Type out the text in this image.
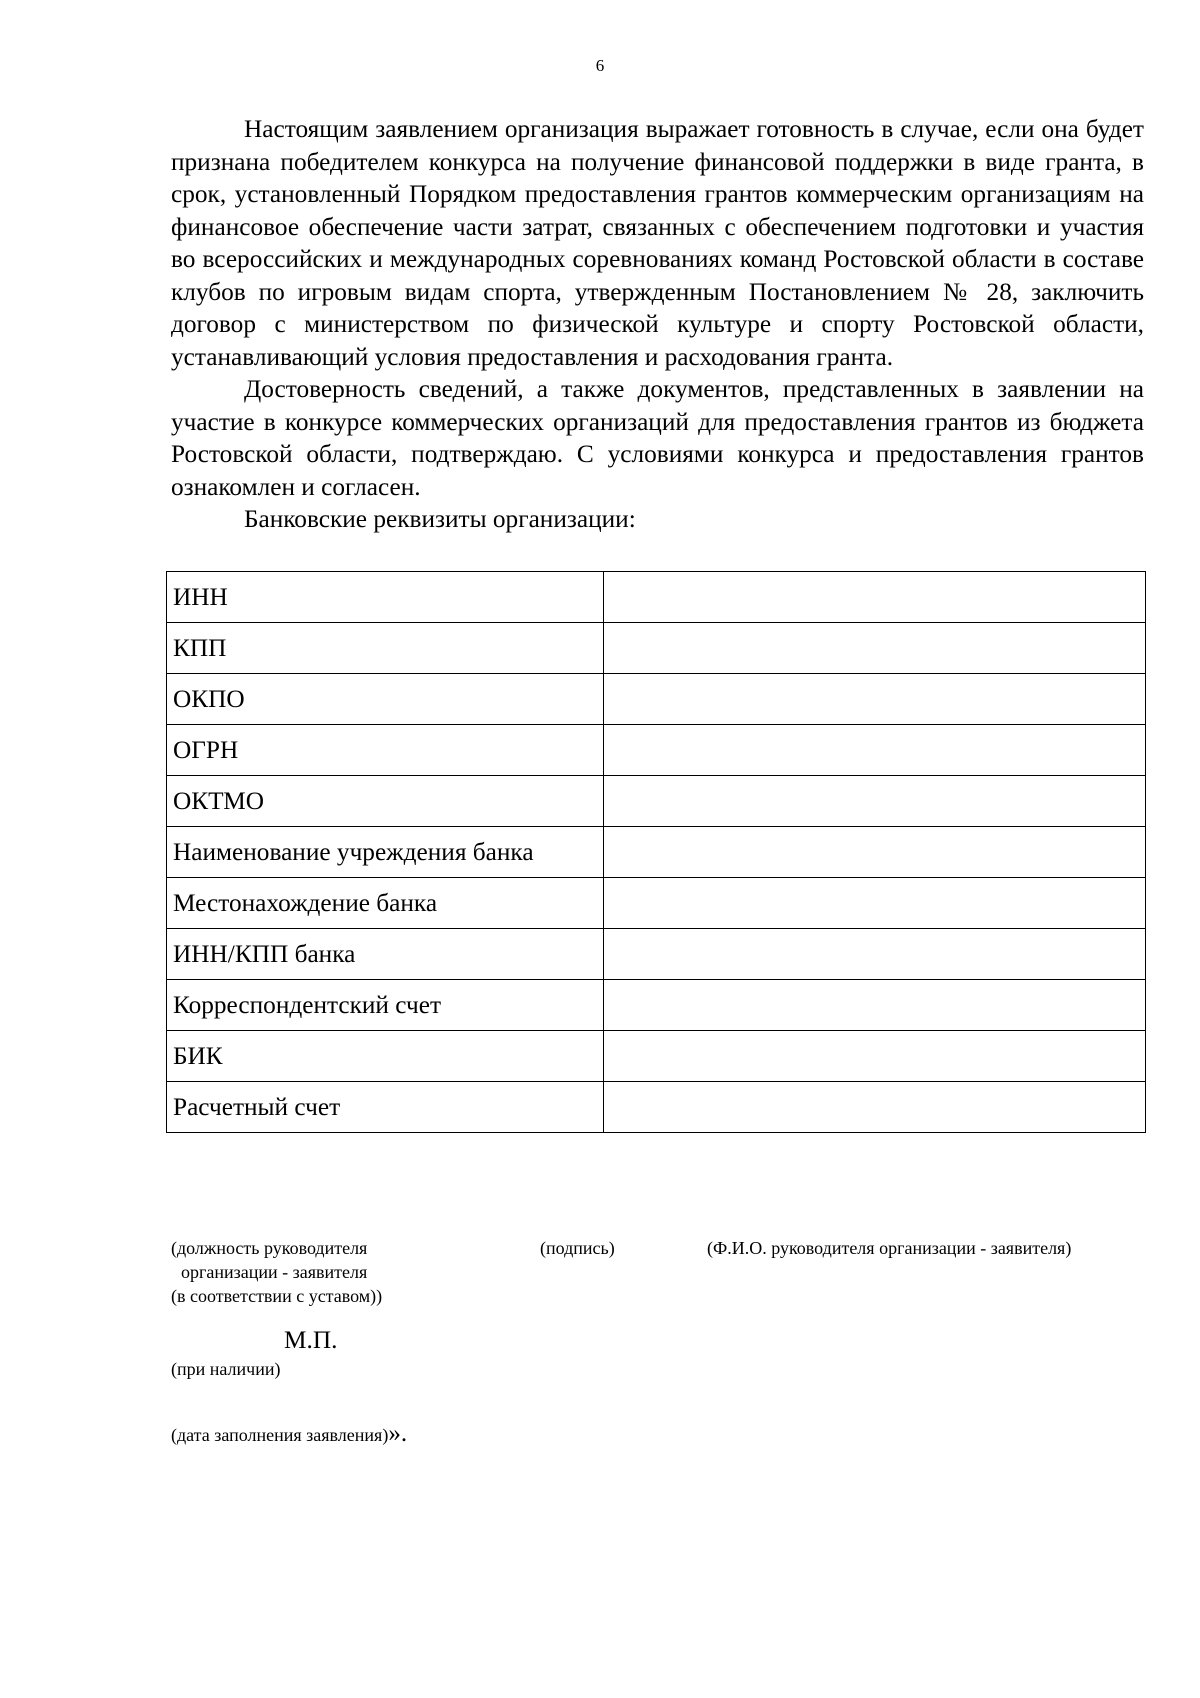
6

Настоящим заявлением организация выражает готовность в случае, если она будет признана победителем конкурса на получение финансовой поддержки в виде гранта, в срок, установленный Порядком предоставления грантов коммерческим организациям на финансовое обеспечение части затрат, связанных с обеспечением подготовки и участия во всероссийских и международных соревнованиях команд Ростовской области в составе клубов по игровым видам спорта, утвержденным Постановлением № 28, заключить договор с министерством по физической культуре и спорту Ростовской области, устанавливающий условия предоставления и расходования гранта.

Достоверность сведений, а также документов, представленных в заявлении на участие в конкурсе коммерческих организаций для предоставления грантов из бюджета Ростовской области, подтверждаю. С условиями конкурса и предоставления грантов ознакомлен и согласен.

Банковские реквизиты организации:

ИНН	
КПП	
ОКПО	
ОГРН	
ОКТМО	
Наименование учреждения банка	
Местонахождение банка	
ИНН/КПП банка	
Корреспондентский счет	
БИК	
Расчетный счет	
(должность руководителя
организации - заявителя
(в соответствии с уставом))
(подпись)	(Ф.И.О. руководителя организации - заявителя)
М.П.
(при наличии)
(дата заполнения заявления)».
